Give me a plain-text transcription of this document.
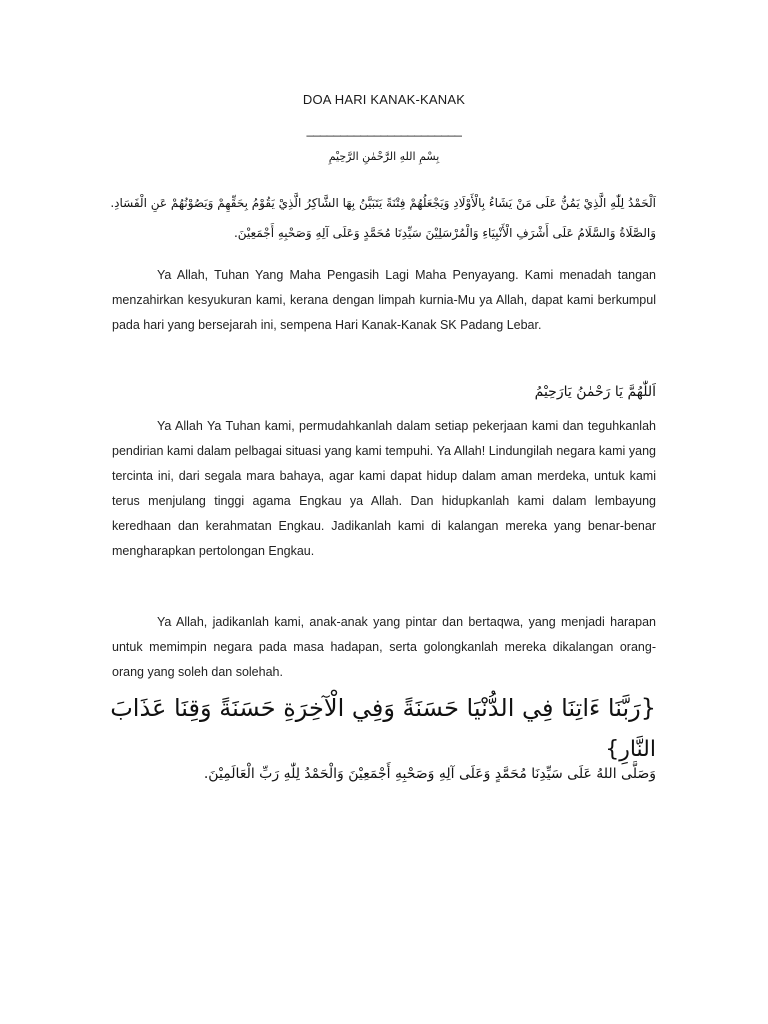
DOA HARI KANAK-KANAK
_______________________
بِسْمِ اللهِ الرَّحْمٰنِ الرَّحِيْمِ
اَلْحَمْدُ لِلّٰهِ الَّذِيْ يَمُنُّ عَلَى مَنْ يَشَاءُ بِالْأَوْلَادِ وَيَجْعَلُهُمْ فِتْنَةً يَتَبَيَّنُ بِهَا الشَّاكِرُ الَّذِيْ يَقُوْمُ بِحَقِّهِمْ وَيَصُوْنُهُمْ عَنِ الْفَسَادِ.
وَالصَّلَاةُ وَالسَّلَامُ عَلَى أَشْرَفِ الْأَنْبِيَاءِ وَالْمُرْسَلِيْنَ سَيِّدِنَا مُحَمَّدٍ وَعَلَى آلِهِ وَصَحْبِهِ أَجْمَعِيْنَ.
Ya Allah, Tuhan Yang Maha Pengasih Lagi Maha Penyayang. Kami menadah tangan menzahirkan kesyukuran kami, kerana dengan limpah kurnia-Mu ya Allah, dapat kami berkumpul pada hari yang bersejarah ini, sempena Hari Kanak-Kanak SK Padang Lebar.
اَللّٰهُمَّ يَا رَحْمٰنُ يَارَحِيْمُ
Ya Allah Ya Tuhan kami, permudahkanlah dalam setiap pekerjaan kami dan teguhkanlah pendirian kami dalam pelbagai situasi yang kami tempuhi. Ya Allah! Lindungilah negara kami yang tercinta ini, dari segala mara bahaya, agar kami dapat hidup dalam aman merdeka, untuk kami terus menjulang tinggi agama Engkau ya Allah. Dan hidupkanlah kami dalam lembayung keredhaan dan kerahmatan Engkau. Jadikanlah kami di kalangan mereka yang benar-benar mengharapkan pertolongan Engkau.
Ya Allah, jadikanlah kami, anak-anak yang pintar dan bertaqwa, yang menjadi harapan untuk memimpin negara pada masa hadapan, serta golongkanlah mereka dikalangan orang-orang yang soleh dan solehah.
{رَبَّنَا ءَاتِنَا فِي الدُّنْيَا حَسَنَةً وَفِي الْآخِرَةِ حَسَنَةً وَقِنَا عَذَابَ
النَّارِ}
وَصَلَّى اللهُ عَلَى سَيِّدِنَا مُحَمَّدٍ وَعَلَى آلِهِ وَصَحْبِهِ أَجْمَعِيْنَ وَالْحَمْدُ لِلّٰهِ رَبِّ الْعَالَمِيْنَ.
